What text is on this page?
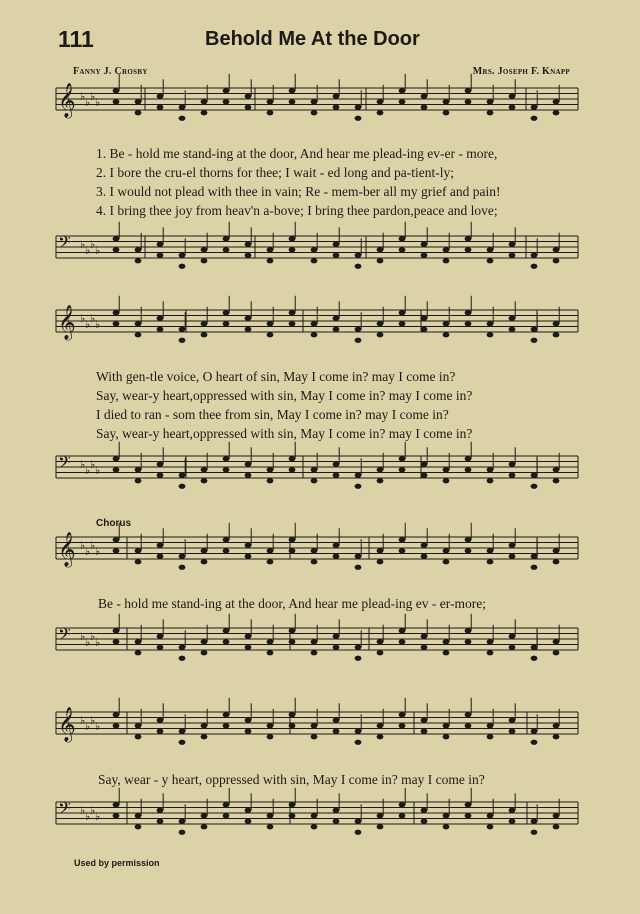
111	Behold Me At the Door
Fanny J. Crosby	Mrs. Joseph F. Knapp
𝄞 ♭ ♭ ♭ ♭
𝄢 ♭ ♭ ♭ ♭
𝄞 ♭ ♭ ♭ ♭
𝄢 ♭ ♭ ♭ ♭
𝄞 ♭ ♭ ♭ ♭
𝄢 ♭ ♭ ♭ ♭
𝄞 ♭ ♭ ♭ ♭
𝄢 ♭ ♭ ♭ ♭
1. Be - hold me stand-ing at the door, And hear me plead-ing ev-er - more,
2. I bore the cru-el thorns for thee; I wait - ed long and pa-tient-ly;
3. I would not plead with thee in vain; Re - mem-ber all my grief and pain!
4. I bring thee joy from heav'n a-bove; I bring thee pardon,peace and love;
With gen-tle voice, O heart of sin, May I come in? may I come in?
Say, wear-y heart,oppressed with sin, May I come in? may I come in?
I died to ran - som thee from sin, May I come in? may I come in?
Say, wear-y heart,oppressed with sin, May I come in? may I come in?
Chorus
Be - hold me stand-ing at the door, And hear me plead-ing ev - er-more;
Say, wear - y heart, oppressed with sin, May I come in? may I come in?
Used by permission
